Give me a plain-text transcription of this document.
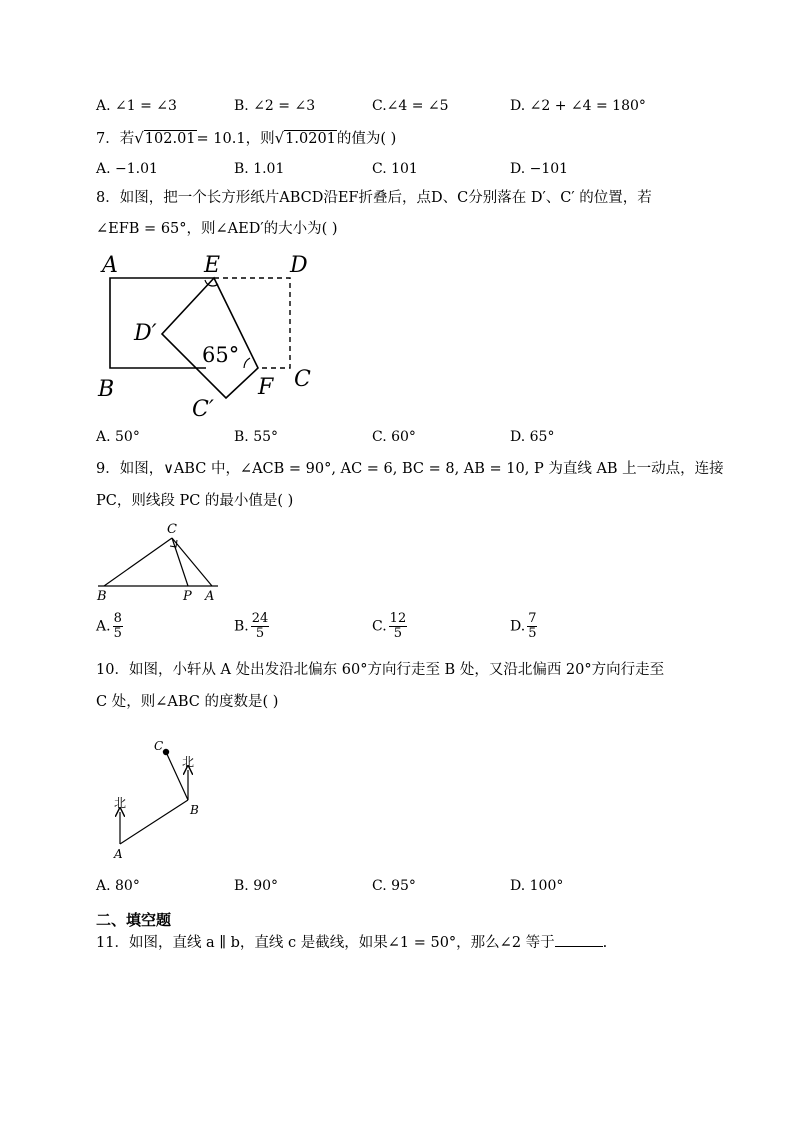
A. ∠1 = ∠3	B. ∠2 = ∠3	C.∠4 = ∠5	D. ∠2 + ∠4 = 180°
7．若√102.01= 10.1，则√1.0201的值为( )
A. −1.01	B. 1.01	C. 101	D. −101
8．如图，把一个长方形纸片ABCD沿EF折叠后，点D、C分别落在 D′、C′ 的位置，若
∠EFB = 65°，则∠AED′的大小为( )
A	E	D
D′
65°
B	F C
C′
A. 50°	B. 55°	C. 60°	D. 65°
9．如图，∨ABC 中，∠ACB = 90°, AC = 6, BC = 8, AB = 10, P 为直线 AB 上一动点，连接
PC，则线段 PC 的最小值是( )
C
B	P A
A. $\frac{8}{5}$	B. $\frac{24}{5}$	C. $\frac{12}{5}$	D. $\frac{7}{5}$
10．如图，小轩从 A 处出发沿北偏东 60°方向行走至 B 处，又沿北偏西 20°方向行走至
C 处，则∠ABC 的度数是( )
C
北
北	B
A
A. 80°	B. 90°	C. 95°	D. 100°
二、填空题
11．如图，直线 a ∥ b，直线 c 是截线，如果∠1 = 50°，那么∠2 等于	.
